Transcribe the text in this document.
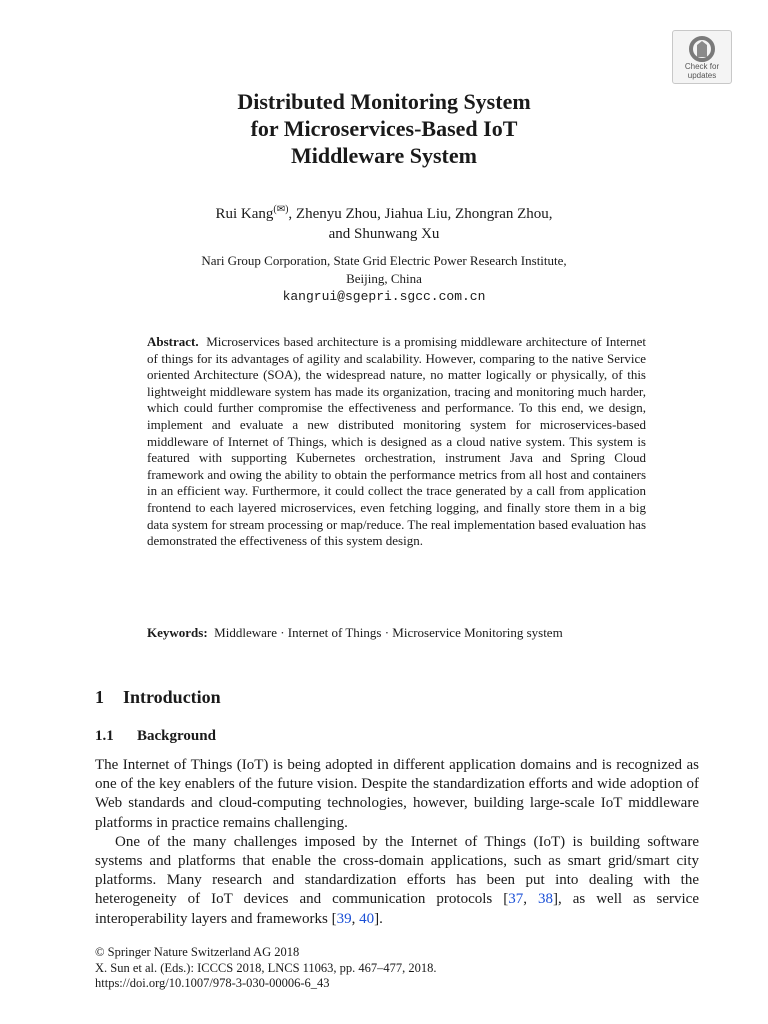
Check for
updates
Distributed Monitoring System
for Microservices-Based IoT
Middleware System
Rui Kang(✉), Zhenyu Zhou, Jiahua Liu, Zhongran Zhou,
and Shunwang Xu
Nari Group Corporation, State Grid Electric Power Research Institute,
Beijing, China
kangrui@sgepri.sgcc.com.cn
Abstract. Microservices based architecture is a promising middleware architecture of Internet of things for its advantages of agility and scalability. However, comparing to the native Service oriented Architecture (SOA), the widespread nature, no matter logically or physically, of this lightweight middleware system has made its organization, tracing and monitoring much harder, which could further compromise the effectiveness and performance. To this end, we design, implement and evaluate a new distributed monitoring system for microservices-based middleware of Internet of Things, which is designed as a cloud native system. This system is featured with supporting Kubernetes orchestration, instrument Java and Spring Cloud framework and owing the ability to obtain the performance metrics from all host and containers in an efficient way. Furthermore, it could collect the trace generated by a call from application frontend to each layered microservices, even fetching logging, and finally store them in a big data system for stream processing or map/reduce. The real implementation based evaluation has demonstrated the effectiveness of this system design.
Keywords: Middleware · Internet of Things · Microservice Monitoring system
1 Introduction
1.1 Background

The Internet of Things (IoT) is being adopted in different application domains and is recognized as one of the key enablers of the future vision. Despite the standardization efforts and wide adoption of Web standards and cloud-computing technologies, however, building large-scale IoT middleware platforms in practice remains challenging.

One of the many challenges imposed by the Internet of Things (IoT) is building software systems and platforms that enable the cross-domain applications, such as smart grid/smart city platforms. Many research and standardization efforts has been put into dealing with the heterogeneity of IoT devices and communication protocols [37, 38], as well as service interoperability layers and frameworks [39, 40].

© Springer Nature Switzerland AG 2018
X. Sun et al. (Eds.): ICCCS 2018, LNCS 11063, pp. 467–477, 2018.
https://doi.org/10.1007/978-3-030-00006-6_43
